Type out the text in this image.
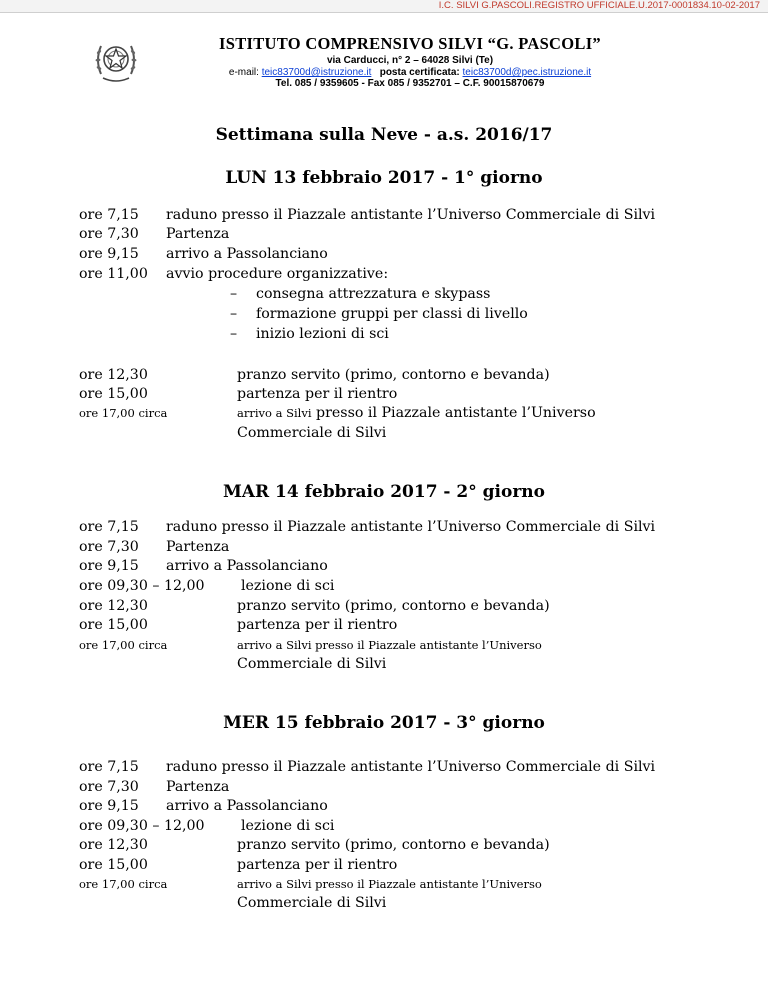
I.C. SILVI G.PASCOLI.REGISTRO UFFICIALE.U.2017-0001834.10-02-2017
ISTITUTO COMPRENSIVO SILVI “G. PASCOLI”
via Carducci, n° 2 – 64028 Silvi (Te)
e-mail: teic83700d@istruzione.it posta certificata: teic83700d@pec.istruzione.it
Tel. 085 / 9359605 - Fax 085 / 9352701 – C.F. 90015870679
Settimana sulla Neve - a.s. 2016/17
LUN 13 febbraio 2017 - 1° giorno
ore 7,15 raduno presso il Piazzale antistante l’Universo Commerciale di Silvi
ore 7,30 Partenza
ore 9,15 arrivo a Passolanciano
ore 11,00 avvio procedure organizzative:
– consegna attrezzatura e skypass
– formazione gruppi per classi di livello
– inizio lezioni di sci
ore 12,30	pranzo servito (primo, contorno e bevanda)
ore 15,00	partenza per il rientro
ore 17,00 circa	arrivo a Silvi presso il Piazzale antistante l’Universo
Commerciale di Silvi
MAR 14 febbraio 2017 - 2° giorno
ore 7,15 raduno presso il Piazzale antistante l’Universo Commerciale di Silvi
ore 7,30 Partenza
ore 9,15 arrivo a Passolanciano
ore 09,30 – 12,00	lezione di sci
ore 12,30	pranzo servito (primo, contorno e bevanda)
ore 15,00	partenza per il rientro
ore 17,00 circa	arrivo a Silvi presso il Piazzale antistante l’Universo
Commerciale di Silvi
MER 15 febbraio 2017 - 3° giorno
ore 7,15 raduno presso il Piazzale antistante l’Universo Commerciale di Silvi
ore 7,30 Partenza
ore 9,15 arrivo a Passolanciano
ore 09,30 – 12,00	lezione di sci
ore 12,30	pranzo servito (primo, contorno e bevanda)
ore 15,00	partenza per il rientro
ore 17,00 circa	arrivo a Silvi presso il Piazzale antistante l’Universo
Commerciale di Silvi
